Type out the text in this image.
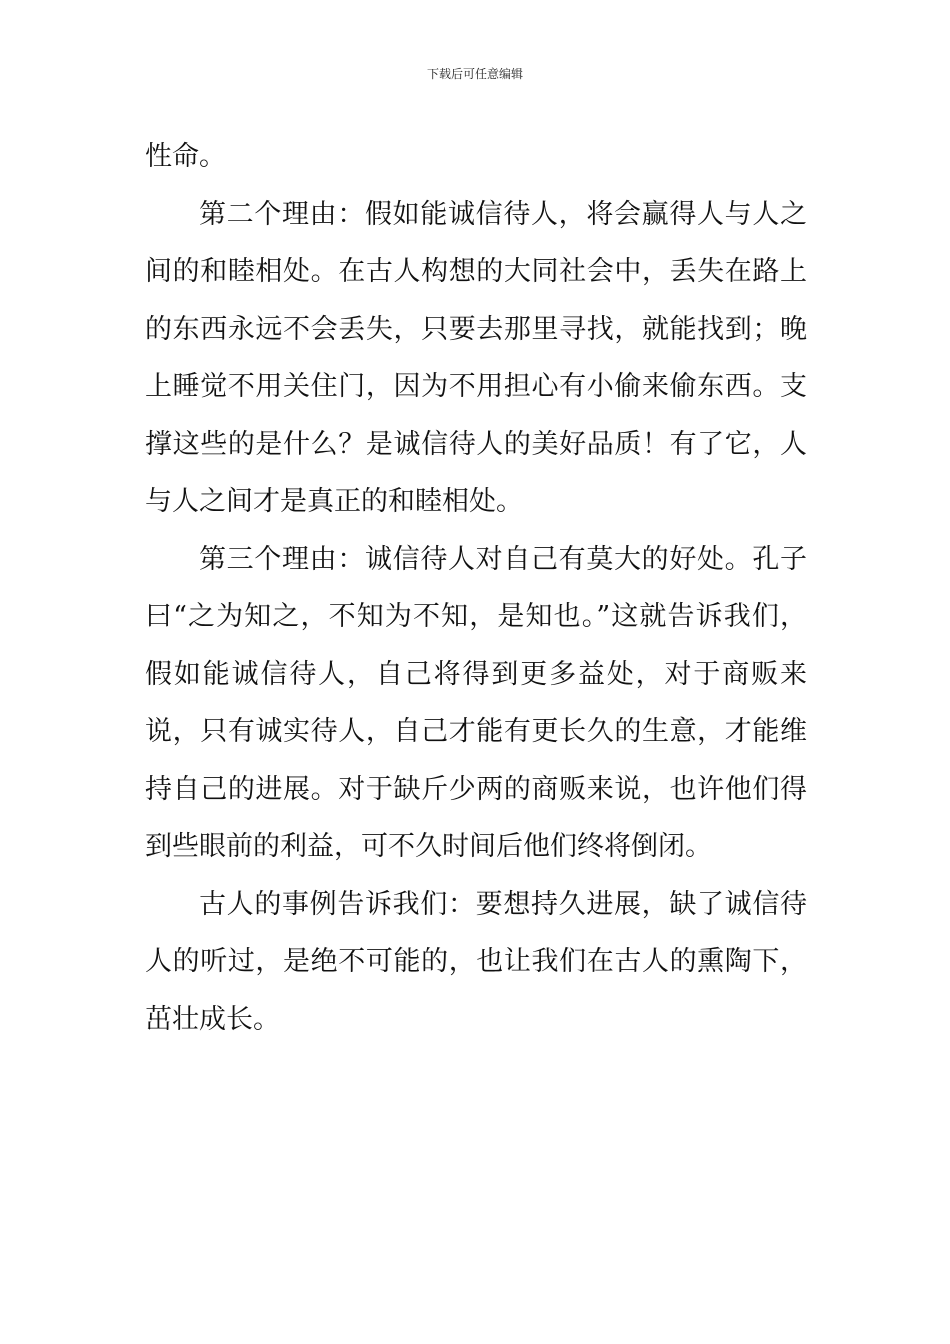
下载后可任意编辑

性命。

第二个理由：假如能诚信待人，将会赢得人与人之间的和睦相处。在古人构想的大同社会中，丢失在路上的东西永远不会丢失，只要去那里寻找，就能找到；晚上睡觉不用关住门，因为不用担心有小偷来偷东西。支撑这些的是什么？是诚信待人的美好品质！有了它，人与人之间才是真正的和睦相处。

第三个理由：诚信待人对自己有莫大的好处。孔子曰“之为知之，不知为不知，是知也。”这就告诉我们，假如能诚信待人，自己将得到更多益处，对于商贩来说，只有诚实待人，自己才能有更长久的生意，才能维持自己的进展。对于缺斤少两的商贩来说，也许他们得到些眼前的利益，可不久时间后他们终将倒闭。

古人的事例告诉我们：要想持久进展，缺了诚信待人的听过，是绝不可能的，也让我们在古人的熏陶下，茁壮成长。
